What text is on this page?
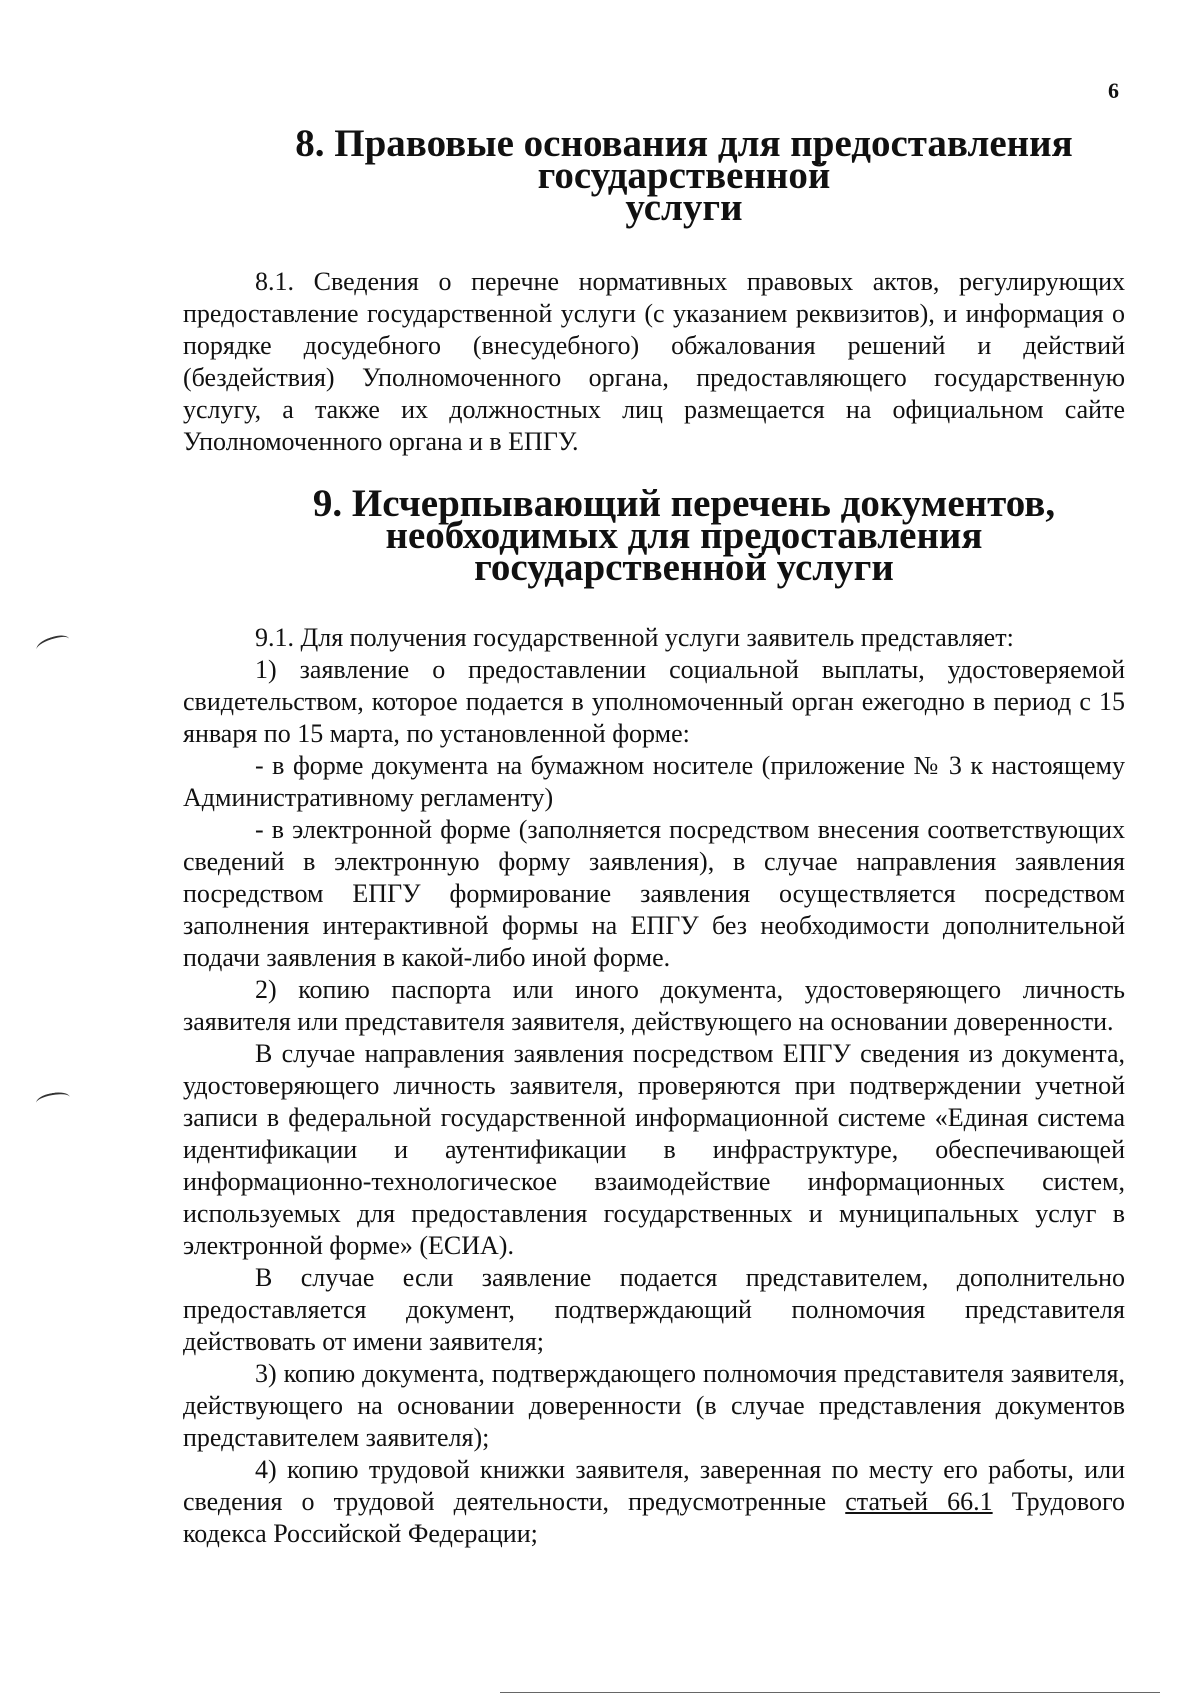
6
8. Правовые основания для предоставления государственной
услуги

8.1. Сведения о перечне нормативных правовых актов, регулирующих предоставление государственной услуги (с указанием реквизитов), и информация о порядке досудебного (внесудебного) обжалования решений и действий (бездействия) Уполномоченного органа, предоставляющего государственную услугу, а также их должностных лиц размещается на официальном сайте Уполномоченного органа и в ЕПГУ.

9. Исчерпывающий перечень документов,
необходимых для предоставления государственной услуги

9.1. Для получения государственной услуги заявитель представляет:

1) заявление о предоставлении социальной выплаты, удостоверяемой свидетельством, которое подается в уполномоченный орган ежегодно в период с 15 января по 15 марта, по установленной форме:

- в форме документа на бумажном носителе (приложение № 3 к настоящему Административному регламенту)

- в электронной форме (заполняется посредством внесения соответствующих сведений в электронную форму заявления), в случае направления заявления посредством ЕПГУ формирование заявления осуществляется посредством заполнения интерактивной формы на ЕПГУ без необходимости дополнительной подачи заявления в какой-либо иной форме.

2) копию паспорта или иного документа, удостоверяющего личность заявителя или представителя заявителя, действующего на основании доверенности.

В случае направления заявления посредством ЕПГУ сведения из документа, удостоверяющего личность заявителя, проверяются при подтверждении учетной записи в федеральной государственной информационной системе «Единая система идентификации и аутентификации в инфраструктуре, обеспечивающей информационно-технологическое взаимодействие информационных систем, используемых для предоставления государственных и муниципальных услуг в электронной форме» (ЕСИА).

В случае если заявление подается представителем, дополнительно предоставляется документ, подтверждающий полномочия представителя действовать от имени заявителя;

3) копию документа, подтверждающего полномочия представителя заявителя, действующего на основании доверенности (в случае представления документов представителем заявителя);

4) копию трудовой книжки заявителя, заверенная по месту его работы, или сведения о трудовой деятельности, предусмотренные статьей 66.1 Трудового кодекса Российской Федерации;
